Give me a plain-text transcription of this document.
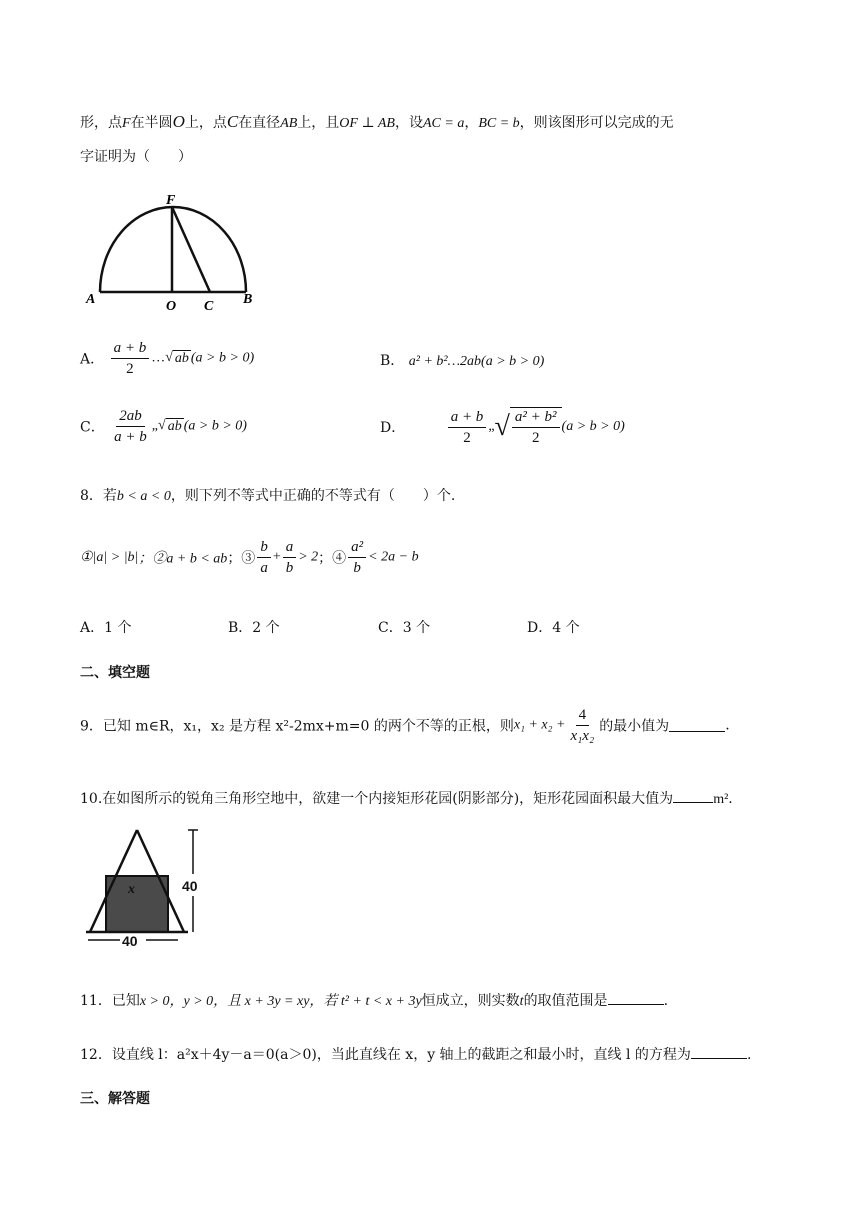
形，点F在半圆O上，点C在直径AB上，且OF ⊥ AB，设AC = a，BC = b，则该图形可以完成的无
字证明为（　　）
F
A	O C B
A． $\frac{a + b}{2}$ … √ ab (a > b > 0)	B． a² + b²…2ab(a > b > 0)
C． $\frac{2ab}{a + b}$ „ √ ab (a > b > 0)	D．	$\frac{a + b}{2}$ „ √ $\frac{\text{a² + b²}}{2} (a > b > 0)$
8．若b < a < 0，则下列不等式中正确的不等式有（　　）个.
①|a| > |b|；②a + b < ab；③ $\frac{b}{a} + \frac{a}{b} > 2$；④ $\frac{\text{a²}}{b} < 2a - b$
A．1 个	B．2 个	C．3 个	D．4 个
二、填空题
9．已知 m∈R，x₁，x₂ 是方程 x²-2mx+m=0 的两个不等的正根，则$x_1 + x_2 + \frac{4}{\text{x₁x₂}}$ 的最小值为	.
10.在如图所示的锐角三角形空地中，欲建一个内接矩形花园(阴影部分)，矩形花园面积最大值为	m².
x	40
40
11．已知x > 0，y > 0，且 x + 3y = xy，若 t² + t < x + 3y恒成立，则实数t的取值范围是	.
12．设直线 l：a²x＋4y－a＝0(a＞0)，当此直线在 x，y 轴上的截距之和最小时，直线 l 的方程为	.
三、解答题
